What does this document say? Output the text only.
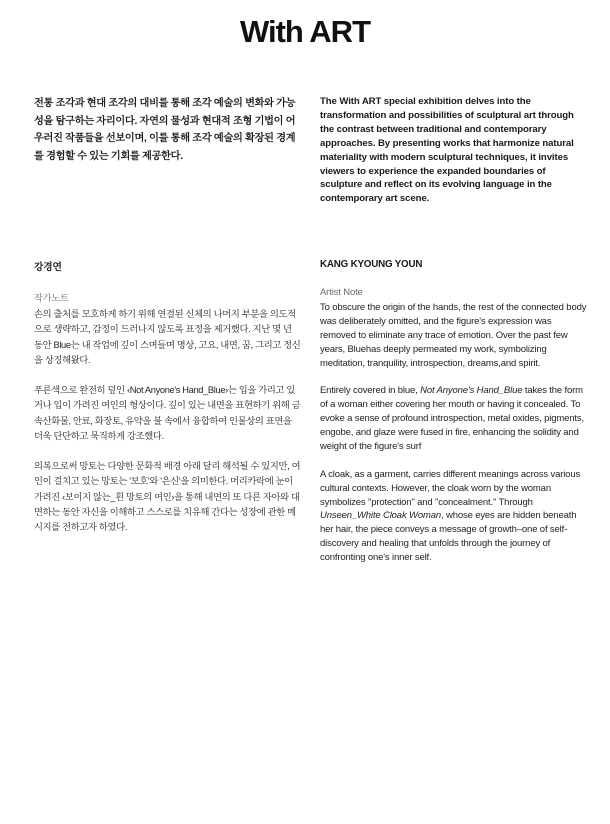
With ART

전통 조각과 현대 조각의 대비를 통해 조각 예술의 변화와 가능성을 탐구하는 자리이다. 자연의 물성과 현대적 조형 기법이 어우러진 작품들을 선보이며, 이를 통해 조각 예술의 확장된 경계를 경험할 수 있는 기회를 제공한다.

The With ART special exhibition delves into the transformation and possibilities of sculptural art through the contrast between traditional and contemporary approaches. By presenting works that harmonize natural materiality with modern sculptural techniques, it invites viewers to experience the expanded boundaries of sculpture and reflect on its evolving language in the contemporary art scene.

강경연	KANG KYOUNG YOUN

작가노트

손의 출처를 모호하게 하기 위해 연결된 신체의 나머지 부분을 의도적으로 생략하고, 감정이 드러나지 않도록 표정을 제거했다. 지난 몇 년 동안 Blue는 내 작업에 깊이 스며들며 명상, 고요, 내면, 꿈, 그리고 정신을 상징해왔다.

푸른색으로 완전히 덮인 ‹Not Anyone's Hand_Blue›는 입을 가리고 있거나 입이 가려진 여인의 형상이다. 깊이 있는 내면을 표현하기 위해 금속산화물, 안료, 화장토, 유약을 불 속에서 융합하여 인물상의 표면을 더욱 단단하고 묵직하게 강조했다.

의복으로써 망토는 다양한 문화적 배경 아래 달리 해석될 수 있지만, 여인이 걸치고 있는 망토는 '보호'와 '은신'을 의미한다. 머리카락에 눈이 가려진 ‹보이지 않는_흰 망토의 여인›을 통해 내면의 또 다른 자아와 대면하는 동안 자신을 이해하고 스스로를 치유해 간다는 성장에 관한 메시지를 전하고자 하였다.

Artist Note

To obscure the origin of the hands, the rest of the connected body was deliberately omitted, and the figure's expression was removed to eliminate any trace of emotion. Over the past few years, Bluehas deeply permeated my work, symbolizing meditation, tranquility, introspection, dreams,and spirit.

Entirely covered in blue, Not Anyone's Hand_Blue takes the form of a woman either covering her mouth or having it concealed. To evoke a sense of profound introspection, metal oxides, pigments, engobe, and glaze were fused in fire, enhancing the solidity and weight of the figure's surf

A cloak, as a garment, carries different meanings across various cultural contexts. However, the cloak worn by the woman symbolizes "protection" and "concealment." Through Unseen_White Cloak Woman, whose eyes are hidden beneath her hair, the piece conveys a message of growth–one of self-discovery and healing that unfolds through the journey of confronting one's inner self.
